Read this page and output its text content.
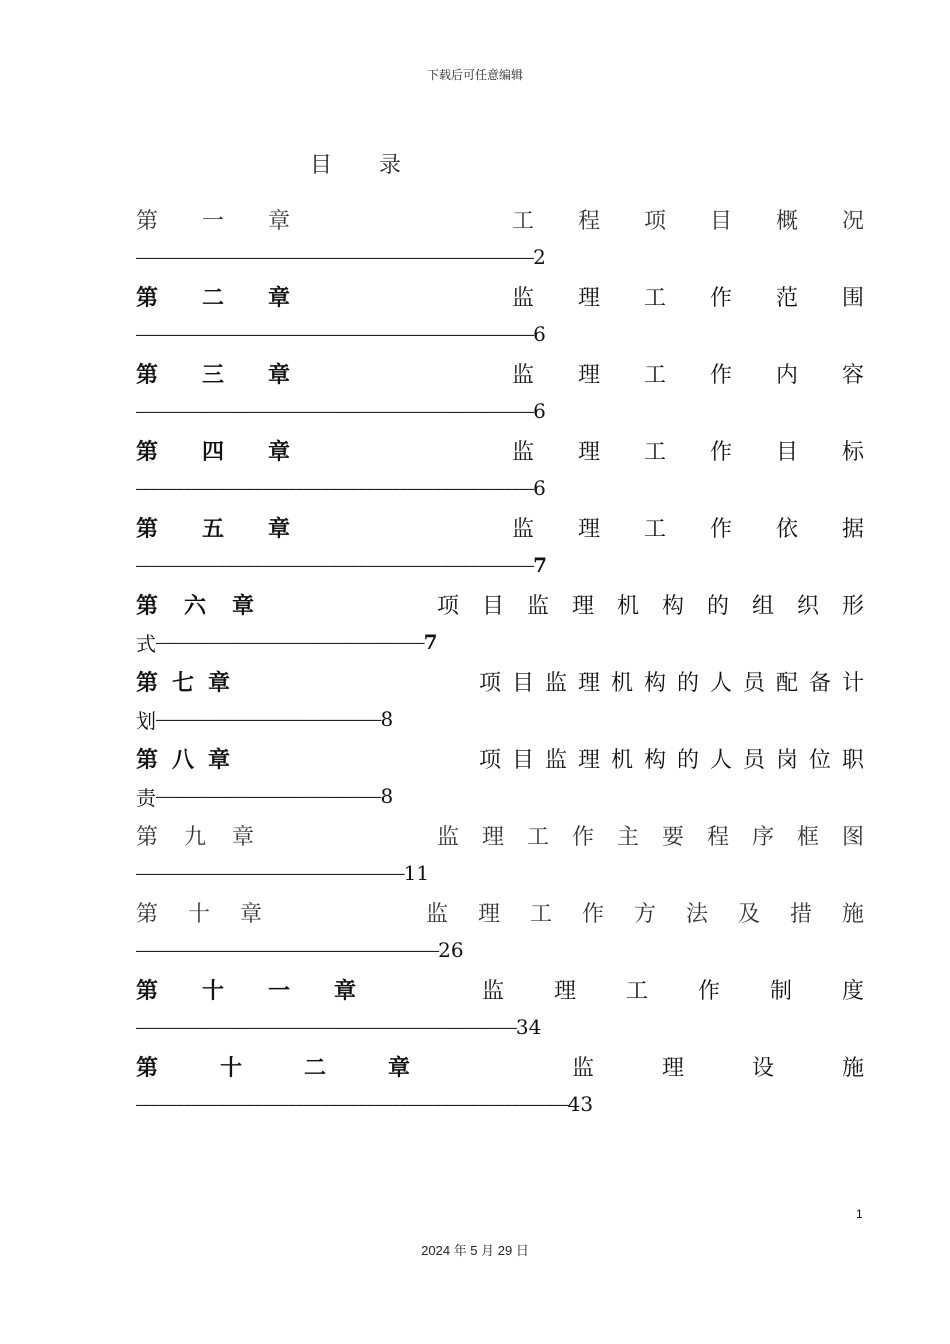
下载后可任意编辑
目 录
第一章	工程项目概况
—————————————————————————————————————————————— 2
第二章	监理工作范围
—————————————————————————————————————————————— 6
第三章	监理工作内容
—————————————————————————————————————————————— 6
第四章	监理工作目标
—————————————————————————————————————————————— 6
第五章	监理工作依据
—————————————————————————————————————————————— 7
第六章	项目监理机构的组织形
式 ——————————————————————————————— 7
第七章	项目监理机构的人员配备计
划 —————————————————————————— 8
第八章	项目监理机构的人员岗位职
责 —————————————————————————— 8
第九章	监理工作主要程序框图
——————————————————————————————— 11
第十章	监理工作方法及措施
——————————————————————————————————— 26
第十一章	监理工作制度
———————————————————————————————————————————— 34
第十二章	监理设施
—————————————————————————————————————————————————— 43
1
2024 年 5 月 29 日
